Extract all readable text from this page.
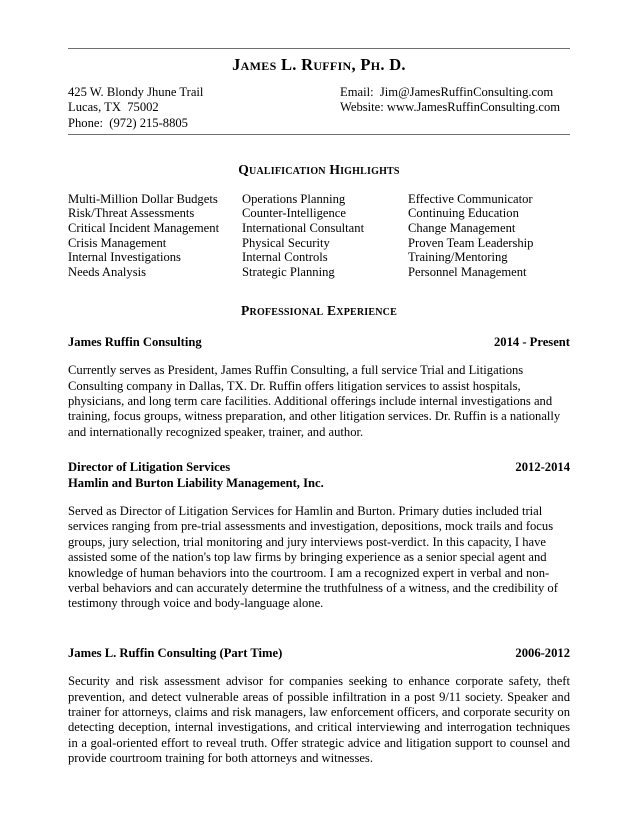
James L. Ruffin, Ph. D.
425 W. Blondy Jhune Trail
Lucas, TX  75002
Phone:  (972) 215-8805
Email:  Jim@JamesRuffinConsulting.com
Website: www.JamesRuffinConsulting.com
Qualification Highlights
Multi-Million Dollar Budgets	Operations Planning	Effective Communicator
Risk/Threat Assessments	Counter-Intelligence	Continuing Education
Critical Incident Management	International Consultant	Change Management
Crisis Management	Physical Security	Proven Team Leadership
Internal Investigations	Internal Controls	Training/Mentoring
Needs Analysis	Strategic Planning	Personnel Management
Professional Experience
James Ruffin Consulting	2014 - Present

Currently serves as President, James Ruffin Consulting, a full service Trial and Litigations Consulting company in Dallas, TX. Dr. Ruffin offers litigation services to assist hospitals, physicians, and long term care facilities. Additional offerings include internal investigations and training, focus groups, witness preparation, and other litigation services. Dr. Ruffin is a nationally and internationally recognized speaker, trainer, and author.

Director of Litigation Services	2012-2014
Hamlin and Burton Liability Management, Inc.

Served as Director of Litigation Services for Hamlin and Burton. Primary duties included trial services ranging from pre-trial assessments and investigation, depositions, mock trails and focus groups, jury selection, trial monitoring and jury interviews post-verdict. In this capacity, I have assisted some of the nation's top law firms by bringing experience as a senior special agent and knowledge of human behaviors into the courtroom. I am a recognized expert in verbal and non-verbal behaviors and can accurately determine the truthfulness of a witness, and the credibility of testimony through voice and body-language alone.

James L. Ruffin Consulting (Part Time)	2006-2012

Security and risk assessment advisor for companies seeking to enhance corporate safety, theft prevention, and detect vulnerable areas of possible infiltration in a post 9/11 society. Speaker and trainer for attorneys, claims and risk managers, law enforcement officers, and corporate security on detecting deception, internal investigations, and critical interviewing and interrogation techniques in a goal-oriented effort to reveal truth. Offer strategic advice and litigation support to counsel and provide courtroom training for both attorneys and witnesses.
